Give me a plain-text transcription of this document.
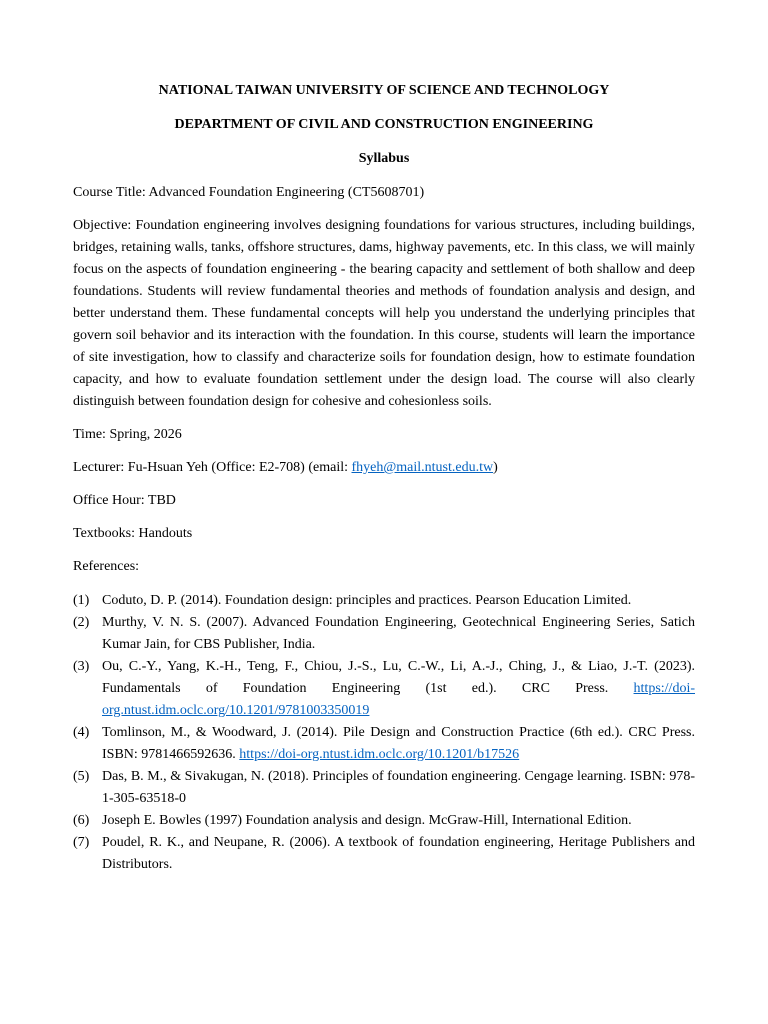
NATIONAL TAIWAN UNIVERSITY OF SCIENCE AND TECHNOLOGY

DEPARTMENT OF CIVIL AND CONSTRUCTION ENGINEERING

Syllabus

Course Title: Advanced Foundation Engineering (CT5608701)

Objective: Foundation engineering involves designing foundations for various structures, including buildings, bridges, retaining walls, tanks, offshore structures, dams, highway pavements, etc. In this class, we will mainly focus on the aspects of foundation engineering - the bearing capacity and settlement of both shallow and deep foundations. Students will review fundamental theories and methods of foundation analysis and design, and better understand them. These fundamental concepts will help you understand the underlying principles that govern soil behavior and its interaction with the foundation. In this course, students will learn the importance of site investigation, how to classify and characterize soils for foundation design, how to estimate foundation capacity, and how to evaluate foundation settlement under the design load. The course will also clearly distinguish between foundation design for cohesive and cohesionless soils.

Time: Spring, 2026

Lecturer: Fu-Hsuan Yeh (Office: E2-708) (email: fhyeh@mail.ntust.edu.tw)

Office Hour: TBD

Textbooks: Handouts

References:

(1) Coduto, D. P. (2014). Foundation design: principles and practices. Pearson Education Limited.
(2) Murthy, V. N. S. (2007). Advanced Foundation Engineering, Geotechnical Engineering Series, Satich Kumar Jain, for CBS Publisher, India.
(3) Ou, C.-Y., Yang, K.-H., Teng, F., Chiou, J.-S., Lu, C.-W., Li, A.-J., Ching, J., & Liao, J.-T. (2023). Fundamentals of Foundation Engineering (1st ed.). CRC Press. https://doi-org.ntust.idm.oclc.org/10.1201/9781003350019
(4) Tomlinson, M., & Woodward, J. (2014). Pile Design and Construction Practice (6th ed.). CRC Press. ISBN: 9781466592636. https://doi-org.ntust.idm.oclc.org/10.1201/b17526
(5) Das, B. M., & Sivakugan, N. (2018). Principles of foundation engineering. Cengage learning. ISBN: 978-1-305-63518-0
(6) Joseph E. Bowles (1997) Foundation analysis and design. McGraw-Hill, International Edition.
(7) Poudel, R. K., and Neupane, R. (2006). A textbook of foundation engineering, Heritage Publishers and Distributors.
